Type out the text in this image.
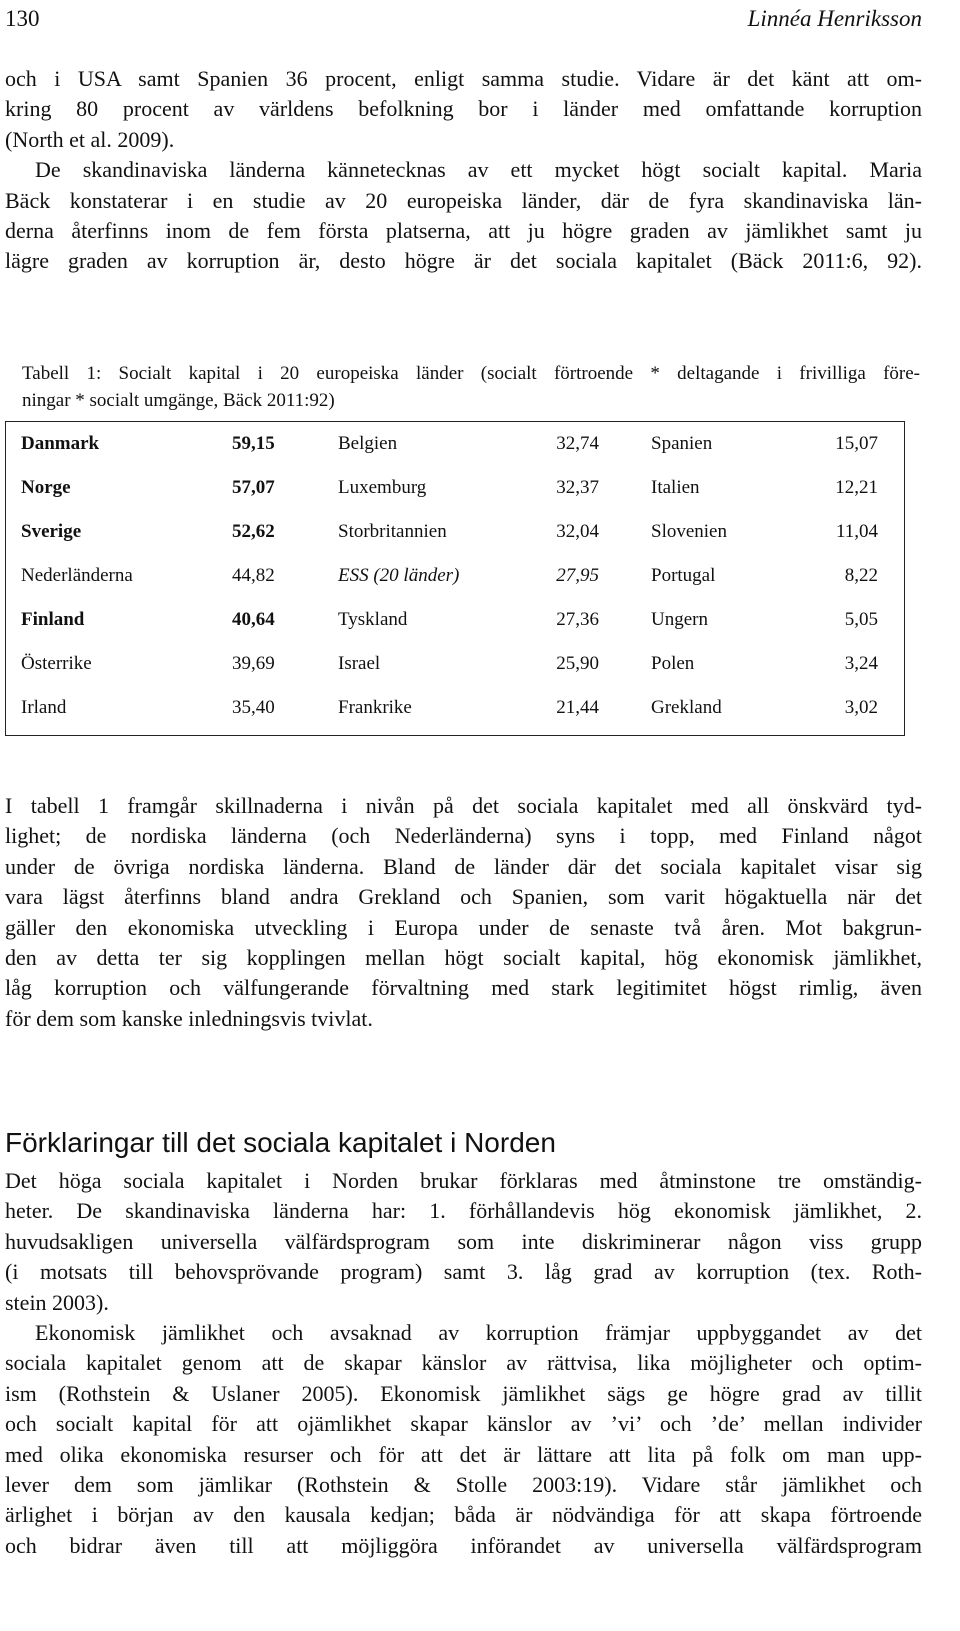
130	Linnéa Henriksson
och i USA samt Spanien 36 procent, enligt samma studie. Vidare är det känt att om-
kring 80 procent av världens befolkning bor i länder med omfattande korruption
(North et al. 2009).
De skandinaviska länderna kännetecknas av ett mycket högt socialt kapital. Maria
Bäck konstaterar i en studie av 20 europeiska länder, där de fyra skandinaviska län-
derna återfinns inom de fem första platserna, att ju högre graden av jämlikhet samt ju
lägre graden av korruption är, desto högre är det sociala kapitalet (Bäck 2011:6, 92).
Tabell 1: Socialt kapital i 20 europeiska länder (socialt förtroende * deltagande i frivilliga före-
ningar * socialt umgänge, Bäck 2011:92)
Danmark	59,15	Belgien	32,74	Spanien	15,07
Norge	57,07	Luxemburg	32,37	Italien	12,21
Sverige	52,62	Storbritannien	32,04	Slovenien	11,04
Nederländerna	44,82	ESS (20 länder)	27,95	Portugal	8,22
Finland	40,64	Tyskland	27,36	Ungern	5,05
Österrike	39,69	Israel	25,90	Polen	3,24
Irland	35,40	Frankrike	21,44	Grekland	3,02
I tabell 1 framgår skillnaderna i nivån på det sociala kapitalet med all önskvärd tyd-
lighet; de nordiska länderna (och Nederländerna) syns i topp, med Finland något
under de övriga nordiska länderna. Bland de länder där det sociala kapitalet visar sig
vara lägst återfinns bland andra Grekland och Spanien, som varit högaktuella när det
gäller den ekonomiska utveckling i Europa under de senaste två åren. Mot bakgrun-
den av detta ter sig kopplingen mellan högt socialt kapital, hög ekonomisk jämlikhet,
låg korruption och välfungerande förvaltning med stark legitimitet högst rimlig, även
för dem som kanske inledningsvis tvivlat.
Förklaringar till det sociala kapitalet i Norden
Det höga sociala kapitalet i Norden brukar förklaras med åtminstone tre omständig-
heter. De skandinaviska länderna har: 1. förhållandevis hög ekonomisk jämlikhet, 2.
huvudsakligen universella välfärdsprogram som inte diskriminerar någon viss grupp
(i motsats till behovsprövande program) samt 3. låg grad av korruption (tex. Roth-
stein 2003).
Ekonomisk jämlikhet och avsaknad av korruption främjar uppbyggandet av det
sociala kapitalet genom att de skapar känslor av rättvisa, lika möjligheter och optim-
ism (Rothstein & Uslaner 2005). Ekonomisk jämlikhet sägs ge högre grad av tillit
och socialt kapital för att ojämlikhet skapar känslor av ’vi’ och ’de’ mellan individer
med olika ekonomiska resurser och för att det är lättare att lita på folk om man upp-
lever dem som jämlikar (Rothstein & Stolle 2003:19). Vidare står jämlikhet och
ärlighet i början av den kausala kedjan; båda är nödvändiga för att skapa förtroende
och bidrar även till att möjliggöra införandet av universella välfärdsprogram
